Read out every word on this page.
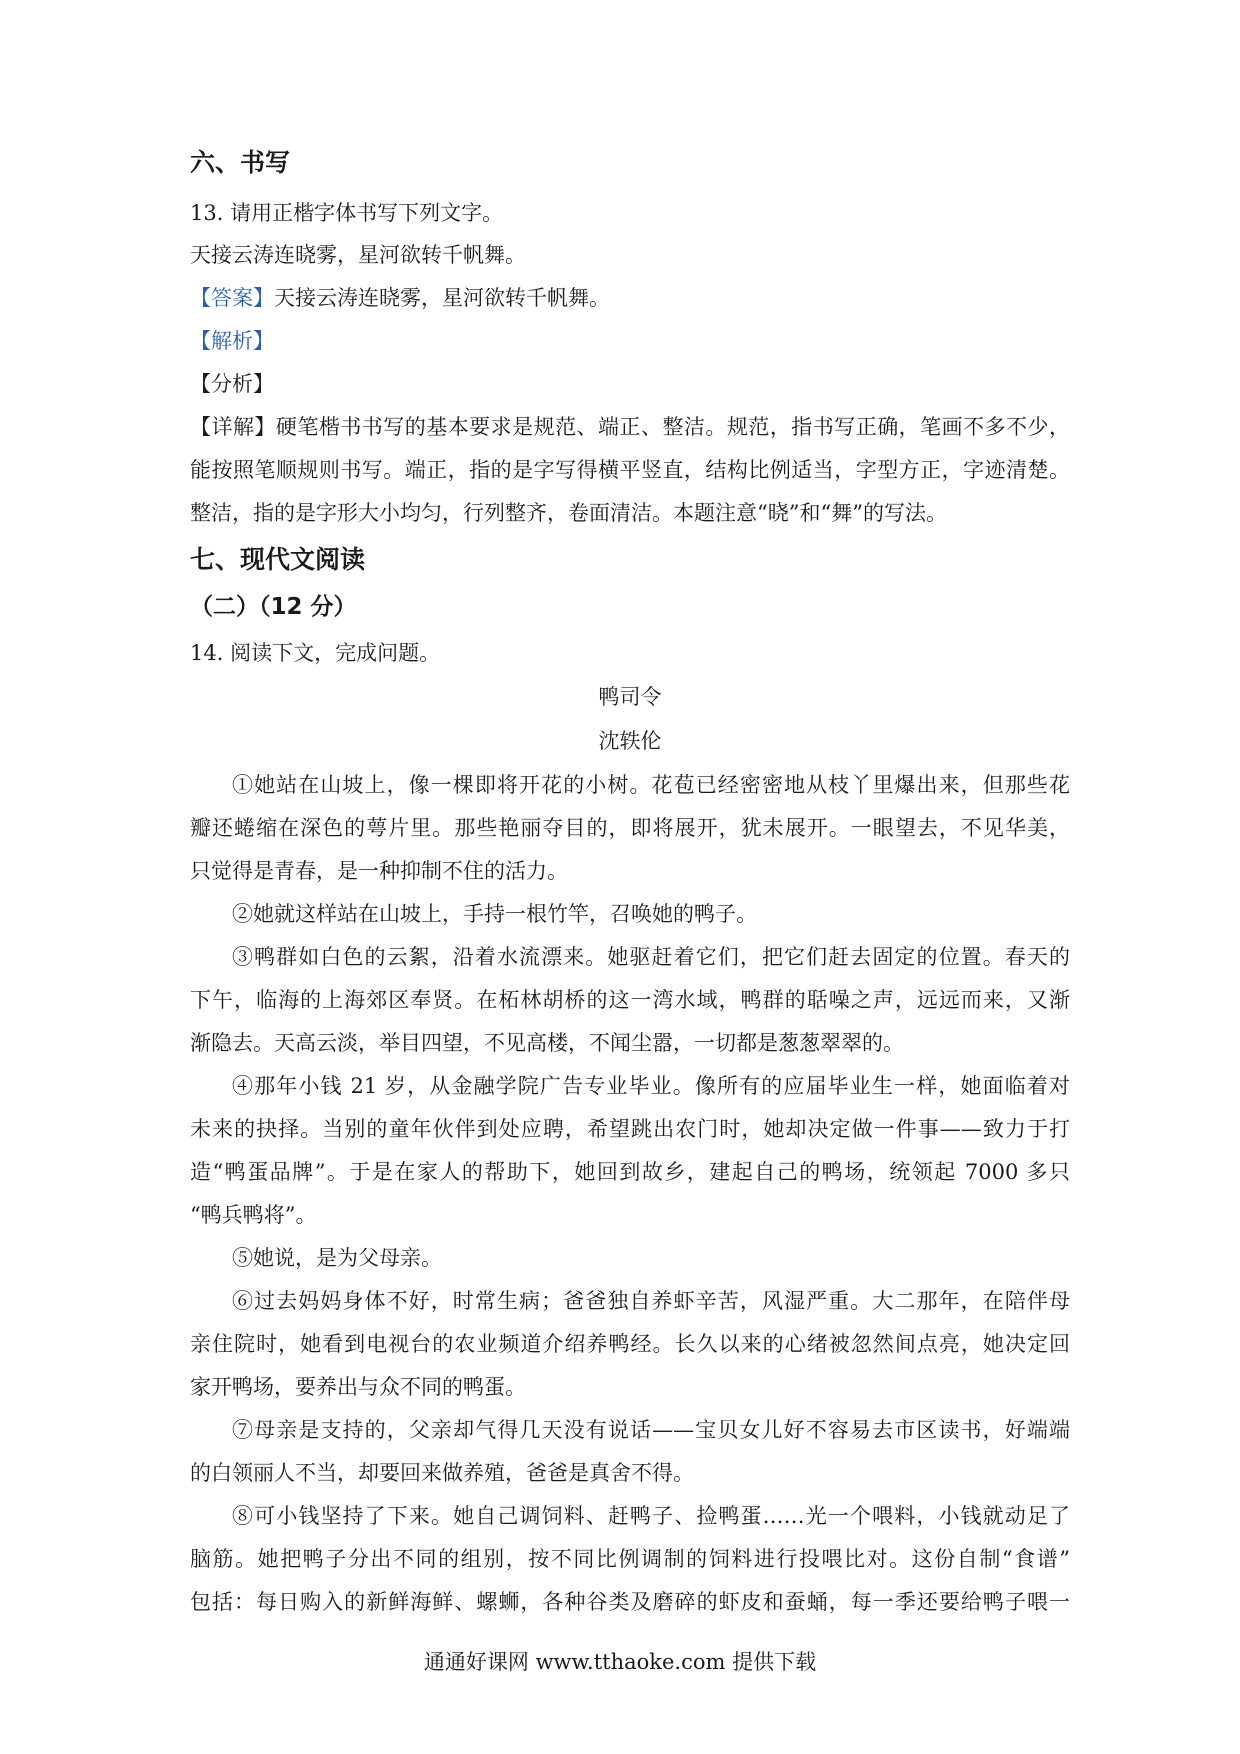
六、书写
13. 请用正楷字体书写下列文字。
天接云涛连晓雾，星河欲转千帆舞。
【答案】天接云涛连晓雾，星河欲转千帆舞。
【解析】
【分析】
【详解】硬笔楷书书写的基本要求是规范、端正、整洁。规范，指书写正确，笔画不多不少，
能按照笔顺规则书写。端正，指的是字写得横平竖直，结构比例适当，字型方正，字迹清楚。
整洁，指的是字形大小均匀，行列整齐，卷面清洁。本题注意“晓”和“舞”的写法。
七、现代文阅读
（二）（12 分）
14. 阅读下文，完成问题。
鸭司令
沈轶伦
①她站在山坡上，像一棵即将开花的小树。花苞已经密密地从枝丫里爆出来，但那些花
瓣还蜷缩在深色的萼片里。那些艳丽夺目的，即将展开，犹未展开。一眼望去，不见华美，
只觉得是青春，是一种抑制不住的活力。
②她就这样站在山坡上，手持一根竹竿，召唤她的鸭子。
③鸭群如白色的云絮，沿着水流漂来。她驱赶着它们，把它们赶去固定的位置。春天的
下午，临海的上海郊区奉贤。在柘林胡桥的这一湾水域，鸭群的聒噪之声，远远而来，又渐
渐隐去。天高云淡，举目四望，不见高楼，不闻尘嚣，一切都是葱葱翠翠的。
④那年小钱 21 岁，从金融学院广告专业毕业。像所有的应届毕业生一样，她面临着对
未来的抉择。当别的童年伙伴到处应聘，希望跳出农门时，她却决定做一件事——致力于打
造“鸭蛋品牌”。于是在家人的帮助下，她回到故乡，建起自己的鸭场，统领起 7000 多只
“鸭兵鸭将”。
⑤她说，是为父母亲。
⑥过去妈妈身体不好，时常生病；爸爸独自养虾辛苦，风湿严重。大二那年，在陪伴母
亲住院时，她看到电视台的农业频道介绍养鸭经。长久以来的心绪被忽然间点亮，她决定回
家开鸭场，要养出与众不同的鸭蛋。
⑦母亲是支持的，父亲却气得几天没有说话——宝贝女儿好不容易去市区读书，好端端
的白领丽人不当，却要回来做养殖，爸爸是真舍不得。
⑧可小钱坚持了下来。她自己调饲料、赶鸭子、捡鸭蛋……光一个喂料，小钱就动足了
脑筋。她把鸭子分出不同的组别，按不同比例调制的饲料进行投喂比对。这份自制“食谱”
包括：每日购入的新鲜海鲜、螺蛳，各种谷类及磨碎的虾皮和蚕蛹，每一季还要给鸭子喂一
通通好课网 www.tthaoke.com 提供下载
